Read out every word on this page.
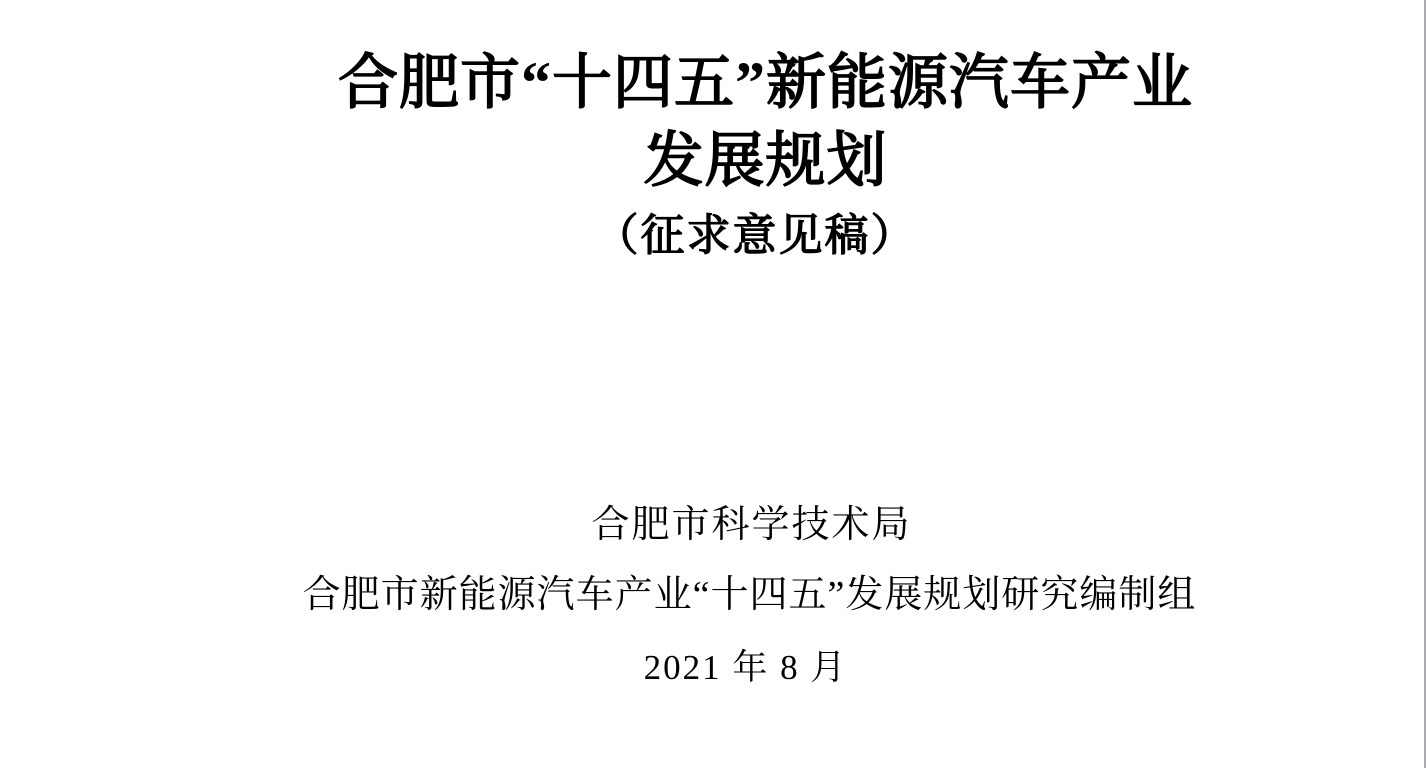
合肥市“十四五”新能源汽车产业
发展规划
（征求意见稿）
合肥市科学技术局
合肥市新能源汽车产业“十四五”发展规划研究编制组
2021 年 8 月
